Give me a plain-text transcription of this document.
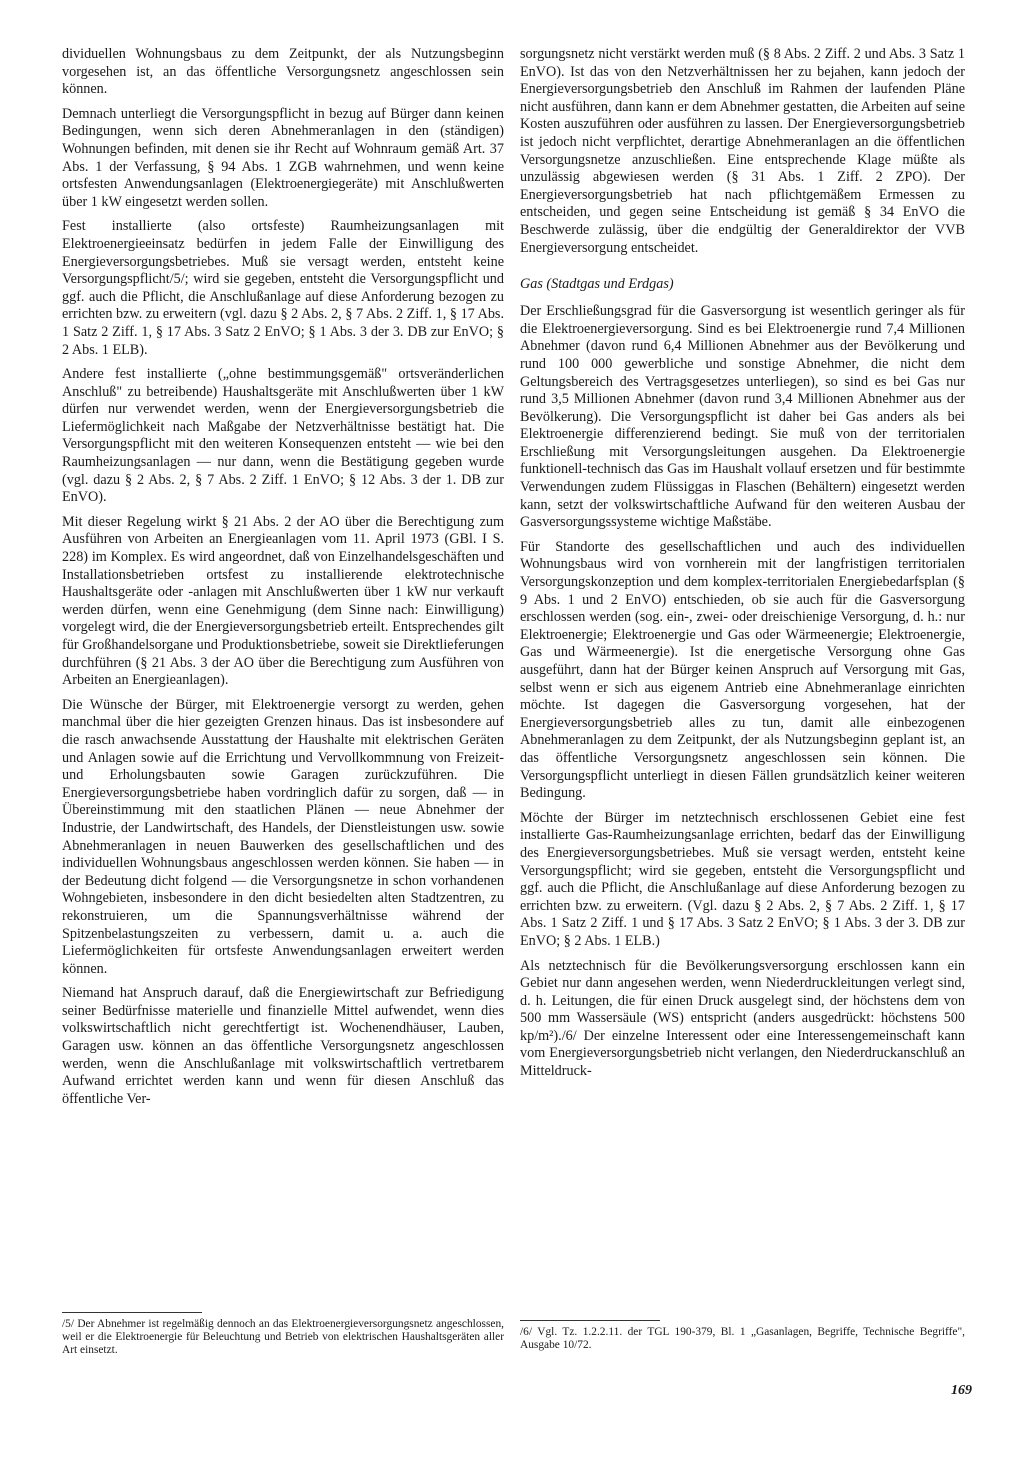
dividuellen Wohnungsbaus zu dem Zeitpunkt, der als Nutzungsbeginn vorgesehen ist, an das öffentliche Versorgungsnetz angeschlossen sein können.

Demnach unterliegt die Versorgungspflicht in bezug auf Bürger dann keinen Bedingungen, wenn sich deren Abnehmeranlagen in den (ständigen) Wohnungen befinden, mit denen sie ihr Recht auf Wohnraum gemäß Art. 37 Abs. 1 der Verfassung, § 94 Abs. 1 ZGB wahrnehmen, und wenn keine ortsfesten Anwendungsanlagen (Elektroenergiegeräte) mit Anschlußwerten über 1 kW eingesetzt werden sollen.

Fest installierte (also ortsfeste) Raumheizungsanlagen mit Elektroenergieeinsatz bedürfen in jedem Falle der Einwilligung des Energieversorgungsbetriebes. Muß sie versagt werden, entsteht keine Versorgungspflicht/5/; wird sie gegeben, entsteht die Versorgungspflicht und ggf. auch die Pflicht, die Anschlußanlage auf diese Anforderung bezogen zu errichten bzw. zu erweitern (vgl. dazu § 2 Abs. 2, § 7 Abs. 2 Ziff. 1, § 17 Abs. 1 Satz 2 Ziff. 1, § 17 Abs. 3 Satz 2 EnVO; § 1 Abs. 3 der 3. DB zur EnVO; § 2 Abs. 1 ELB).

Andere fest installierte („ohne bestimmungsgemäß" ortsveränderlichen Anschluß" zu betreibende) Haushaltsgeräte mit Anschlußwerten über 1 kW dürfen nur verwendet werden, wenn der Energieversorgungsbetrieb die Liefermöglichkeit nach Maßgabe der Netzverhältnisse bestätigt hat. Die Versorgungspflicht mit den weiteren Konsequenzen entsteht — wie bei den Raumheizungsanlagen — nur dann, wenn die Bestätigung gegeben wurde (vgl. dazu § 2 Abs. 2, § 7 Abs. 2 Ziff. 1 EnVO; § 12 Abs. 3 der 1. DB zur EnVO).

Mit dieser Regelung wirkt § 21 Abs. 2 der AO über die Berechtigung zum Ausführen von Arbeiten an Energieanlagen vom 11. April 1973 (GBl. I S. 228) im Komplex. Es wird angeordnet, daß von Einzelhandelsgeschäften und Installationsbetrieben ortsfest zu installierende elektrotechnische Haushaltsgeräte oder -anlagen mit Anschlußwerten über 1 kW nur verkauft werden dürfen, wenn eine Genehmigung (dem Sinne nach: Einwilligung) vorgelegt wird, die der Energieversorgungsbetrieb erteilt. Entsprechendes gilt für Großhandelsorgane und Produktionsbetriebe, soweit sie Direktlieferungen durchführen (§ 21 Abs. 3 der AO über die Berechtigung zum Ausführen von Arbeiten an Energieanlagen).

Die Wünsche der Bürger, mit Elektroenergie versorgt zu werden, gehen manchmal über die hier gezeigten Grenzen hinaus. Das ist insbesondere auf die rasch anwachsende Ausstattung der Haushalte mit elektrischen Geräten und Anlagen sowie auf die Errichtung und Vervollkommnung von Freizeit- und Erholungsbauten sowie Garagen zurückzuführen. Die Energieversorgungsbetriebe haben vordringlich dafür zu sorgen, daß — in Übereinstimmung mit den staatlichen Plänen — neue Abnehmer der Industrie, der Landwirtschaft, des Handels, der Dienstleistungen usw. sowie Abnehmeranlagen in neuen Bauwerken des gesellschaftlichen und des individuellen Wohnungsbaus angeschlossen werden können. Sie haben — in der Bedeutung dicht folgend — die Versorgungsnetze in schon vorhandenen Wohngebieten, insbesondere in den dicht besiedelten alten Stadtzentren, zu rekonstruieren, um die Spannungsverhältnisse während der Spitzenbelastungszeiten zu verbessern, damit u. a. auch die Liefermöglichkeiten für ortsfeste Anwendungsanlagen erweitert werden können.

Niemand hat Anspruch darauf, daß die Energiewirtschaft zur Befriedigung seiner Bedürfnisse materielle und finanzielle Mittel aufwendet, wenn dies volkswirtschaftlich nicht gerechtfertigt ist. Wochenendhäuser, Lauben, Garagen usw. können an das öffentliche Versorgungsnetz angeschlossen werden, wenn die Anschlußanlage mit volkswirtschaftlich vertretbarem Aufwand errichtet werden kann und wenn für diesen Anschluß das öffentliche Ver-

sorgungsnetz nicht verstärkt werden muß (§ 8 Abs. 2 Ziff. 2 und Abs. 3 Satz 1 EnVO). Ist das von den Netzverhältnissen her zu bejahen, kann jedoch der Energieversorgungsbetrieb den Anschluß im Rahmen der laufenden Pläne nicht ausführen, dann kann er dem Abnehmer gestatten, die Arbeiten auf seine Kosten auszuführen oder ausführen zu lassen. Der Energieversorgungsbetrieb ist jedoch nicht verpflichtet, derartige Abnehmeranlagen an die öffentlichen Versorgungsnetze anzuschließen. Eine entsprechende Klage müßte als unzulässig abgewiesen werden (§ 31 Abs. 1 Ziff. 2 ZPO). Der Energieversorgungsbetrieb hat nach pflichtgemäßem Ermessen zu entscheiden, und gegen seine Entscheidung ist gemäß § 34 EnVO die Beschwerde zulässig, über die endgültig der Generaldirektor der VVB Energieversorgung entscheidet.

Gas (Stadtgas und Erdgas)

Der Erschließungsgrad für die Gasversorgung ist wesentlich geringer als für die Elektroenergieversorgung. Sind es bei Elektroenergie rund 7,4 Millionen Abnehmer (davon rund 6,4 Millionen Abnehmer aus der Bevölkerung und rund 100 000 gewerbliche und sonstige Abnehmer, die nicht dem Geltungsbereich des Vertragsgesetzes unterliegen), so sind es bei Gas nur rund 3,5 Millionen Abnehmer (davon rund 3,4 Millionen Abnehmer aus der Bevölkerung). Die Versorgungspflicht ist daher bei Gas anders als bei Elektroenergie differenzierend bedingt. Sie muß von der territorialen Erschließung mit Versorgungsleitungen ausgehen. Da Elektroenergie funktionell-technisch das Gas im Haushalt vollauf ersetzen und für bestimmte Verwendungen zudem Flüssiggas in Flaschen (Behältern) eingesetzt werden kann, setzt der volkswirtschaftliche Aufwand für den weiteren Ausbau der Gasversorgungssysteme wichtige Maßstäbe.

Für Standorte des gesellschaftlichen und auch des individuellen Wohnungsbaus wird von vornherein mit der langfristigen territorialen Versorgungskonzeption und dem komplex-territorialen Energiebedarfsplan (§ 9 Abs. 1 und 2 EnVO) entschieden, ob sie auch für die Gasversorgung erschlossen werden (sog. ein-, zwei- oder dreischienige Versorgung, d. h.: nur Elektroenergie; Elektroenergie und Gas oder Wärmeenergie; Elektroenergie, Gas und Wärmeenergie). Ist die energetische Versorgung ohne Gas ausgeführt, dann hat der Bürger keinen Anspruch auf Versorgung mit Gas, selbst wenn er sich aus eigenem Antrieb eine Abnehmeranlage einrichten möchte. Ist dagegen die Gasversorgung vorgesehen, hat der Energieversorgungsbetrieb alles zu tun, damit alle einbezogenen Abnehmeranlagen zu dem Zeitpunkt, der als Nutzungsbeginn geplant ist, an das öffentliche Versorgungsnetz angeschlossen sein können. Die Versorgungspflicht unterliegt in diesen Fällen grundsätzlich keiner weiteren Bedingung.

Möchte der Bürger im netztechnisch erschlossenen Gebiet eine fest installierte Gas-Raumheizungsanlage errichten, bedarf das der Einwilligung des Energieversorgungsbetriebes. Muß sie versagt werden, entsteht keine Versorgungspflicht; wird sie gegeben, entsteht die Versorgungspflicht und ggf. auch die Pflicht, die Anschlußanlage auf diese Anforderung bezogen zu errichten bzw. zu erweitern. (Vgl. dazu § 2 Abs. 2, § 7 Abs. 2 Ziff. 1, § 17 Abs. 1 Satz 2 Ziff. 1 und § 17 Abs. 3 Satz 2 EnVO; § 1 Abs. 3 der 3. DB zur EnVO; § 2 Abs. 1 ELB.)

Als netztechnisch für die Bevölkerungsversorgung erschlossen kann ein Gebiet nur dann angesehen werden, wenn Niederdruckleitungen verlegt sind, d. h. Leitungen, die für einen Druck ausgelegt sind, der höchstens dem von 500 mm Wassersäule (WS) entspricht (anders ausgedrückt: höchstens 500 kp/m²)./6/ Der einzelne Interessent oder eine Interessengemeinschaft kann vom Energieversorgungsbetrieb nicht verlangen, den Niederdruckanschluß an Mitteldruck-

/5/ Der Abnehmer ist regelmäßig dennoch an das Elektroenergieversorgungsnetz angeschlossen, weil er die Elektroenergie für Beleuchtung und Betrieb von elektrischen Haushaltsgeräten aller Art einsetzt.

/6/ Vgl. Tz. 1.2.2.11. der TGL 190-379, Bl. 1 „Gasanlagen, Begriffe, Technische Begriffe", Ausgabe 10/72.

169
